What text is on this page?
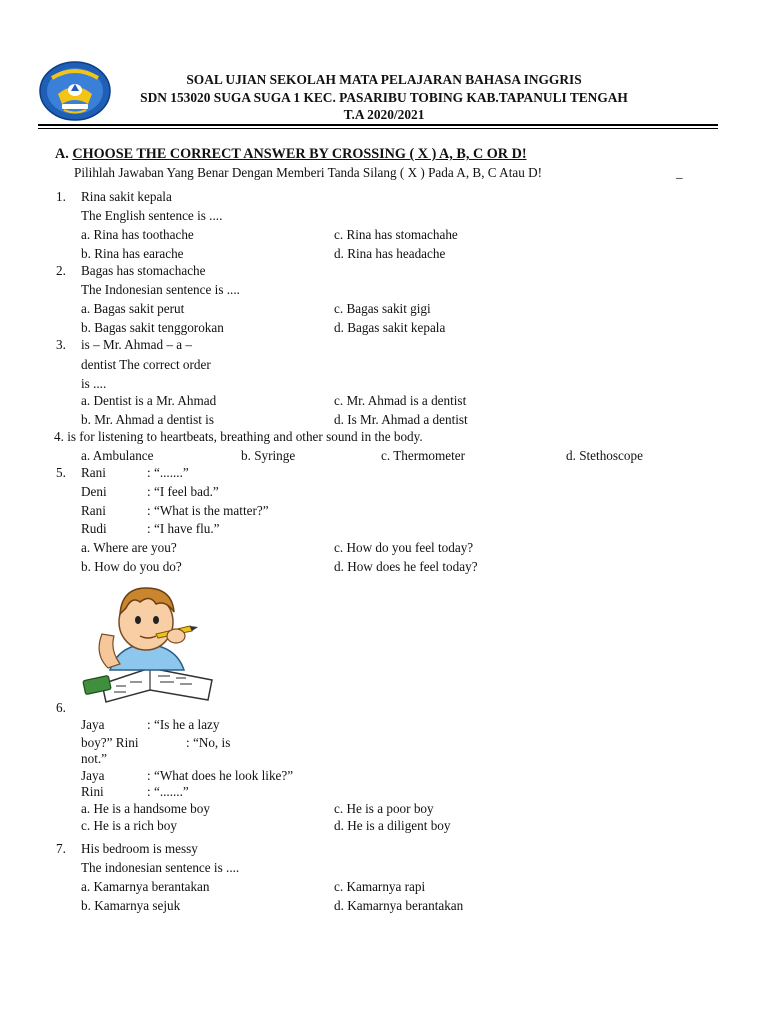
SOAL UJIAN SEKOLAH MATA PELAJARAN BAHASA INGGRIS
SDN 153020 SUGA SUGA 1 KEC. PASARIBU TOBING KAB.TAPANULI TENGAH
T.A 2020/2021
A. CHOOSE THE CORRECT ANSWER BY CROSSING ( X ) A, B, C OR D!
Pilihlah Jawaban Yang Benar Dengan Memberi Tanda Silang ( X ) Pada A, B, C Atau D!	_
1. Rina sakit kepala
The English sentence is ....
a. Rina has toothache	c. Rina has stomachahe
b. Rina has earache	d. Rina has headache
2. Bagas has stomachache
The Indonesian sentence is ....
a. Bagas sakit perut	c. Bagas sakit gigi
b. Bagas sakit tenggorokan	d. Bagas sakit kepala
3. is – Mr. Ahmad – a –
dentist The correct order
is ....
a. Dentist is a Mr. Ahmad	c. Mr. Ahmad is a dentist
b. Mr. Ahmad a dentist is	d. Is Mr. Ahmad a dentist
4. is for listening to heartbeats, breathing and other sound in the body.
a. Ambulance	b. Syringe	c. Thermometer	d. Stethoscope
5. Rani	: “.......”
Deni	: “I feel bad.”
Rani	: “What is the matter?”
Rudi	: “I have flu.”
a. Where are you?	c. How do you feel today?
b. How do you do?	d. How does he feel today?
6.
Jaya	: “Is he a lazy
boy?” Rini	: “No, is
not.”
Jaya	: “What does he look like?”
Rini	: “.......”
a. He is a handsome boy	c. He is a poor boy
c. He is a rich boy	d. He is a diligent boy
7. His bedroom is messy
The indonesian sentence is ....
a. Kamarnya berantakan	c. Kamarnya rapi
b. Kamarnya sejuk	d. Kamarnya berantakan
